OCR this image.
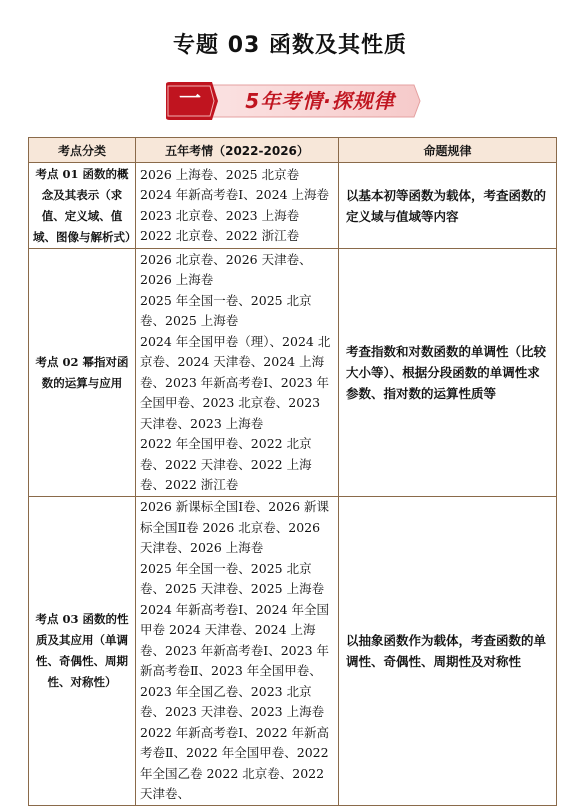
专题 03 函数及其性质
一	5年考情·探规律
考点分类	五年考情（2022-2026）	命题规律
考点 01 函数的概念及其表示（求值、定义域、值域、图像与解析式）	2026 上海卷、2025 北京卷
2024 年新高考卷Ⅰ、2024 上海卷
2023 北京卷、2023 上海卷
2022 北京卷、2022 浙江卷	以基本初等函数为载体，考查函数的定义域与值域等内容
考点 02 幂指对函数的运算与应用	2026 北京卷、2026 天津卷、2026 上海卷
2025 年全国一卷、2025 北京卷、2025 上海卷
2024 年全国甲卷（理）、2024 北京卷、2024 天津卷、2024 上海卷、2023 年新高考卷Ⅰ、2023 年全国甲卷、2023 北京卷、2023 天津卷、2023 上海卷
2022 年全国甲卷、2022 北京卷、2022 天津卷、2022 上海卷、2022 浙江卷	考查指数和对数函数的单调性（比较大小等）、根据分段函数的单调性求参数、指对数的运算性质等
考点 03 函数的性质及其应用（单调性、奇偶性、周期性、对称性）	2026 新课标全国Ⅰ卷、2026 新课标全国Ⅱ卷 2026 北京卷、2026 天津卷、2026 上海卷
2025 年全国一卷、2025 北京卷、2025 天津卷、2025 上海卷
2024 年新高考卷Ⅰ、2024 年全国甲卷 2024 天津卷、2024 上海卷、2023 年新高考卷Ⅰ、2023 年新高考卷Ⅱ、2023 年全国甲卷、2023 年全国乙卷、2023 北京卷、2023 天津卷、2023 上海卷
2022 年新高考卷Ⅰ、2022 年新高考卷Ⅱ、2022 年全国甲卷、2022 年全国乙卷 2022 北京卷、2022 天津卷、	以抽象函数作为载体，考查函数的单调性、奇偶性、周期性及对称性
